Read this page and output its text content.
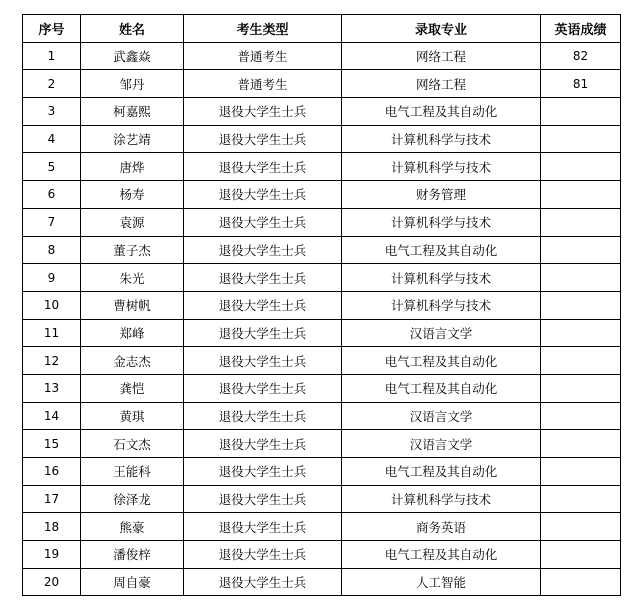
序号	姓名	考生类型	录取专业	英语成绩
1	武鑫焱	普通考生	网络工程	82
2	邹丹	普通考生	网络工程	81
3	柯嘉熙	退役大学生士兵	电气工程及其自动化	
4	涂艺靖	退役大学生士兵	计算机科学与技术	
5	唐烨	退役大学生士兵	计算机科学与技术	
6	杨寿	退役大学生士兵	财务管理	
7	袁源	退役大学生士兵	计算机科学与技术	
8	董子杰	退役大学生士兵	电气工程及其自动化	
9	朱光	退役大学生士兵	计算机科学与技术	
10	曹树帆	退役大学生士兵	计算机科学与技术	
11	郑峰	退役大学生士兵	汉语言文学	
12	金志杰	退役大学生士兵	电气工程及其自动化	
13	龚恺	退役大学生士兵	电气工程及其自动化	
14	黄琪	退役大学生士兵	汉语言文学	
15	石文杰	退役大学生士兵	汉语言文学	
16	王能科	退役大学生士兵	电气工程及其自动化	
17	徐泽龙	退役大学生士兵	计算机科学与技术	
18	熊豪	退役大学生士兵	商务英语	
19	潘俊梓	退役大学生士兵	电气工程及其自动化	
20	周自豪	退役大学生士兵	人工智能	
